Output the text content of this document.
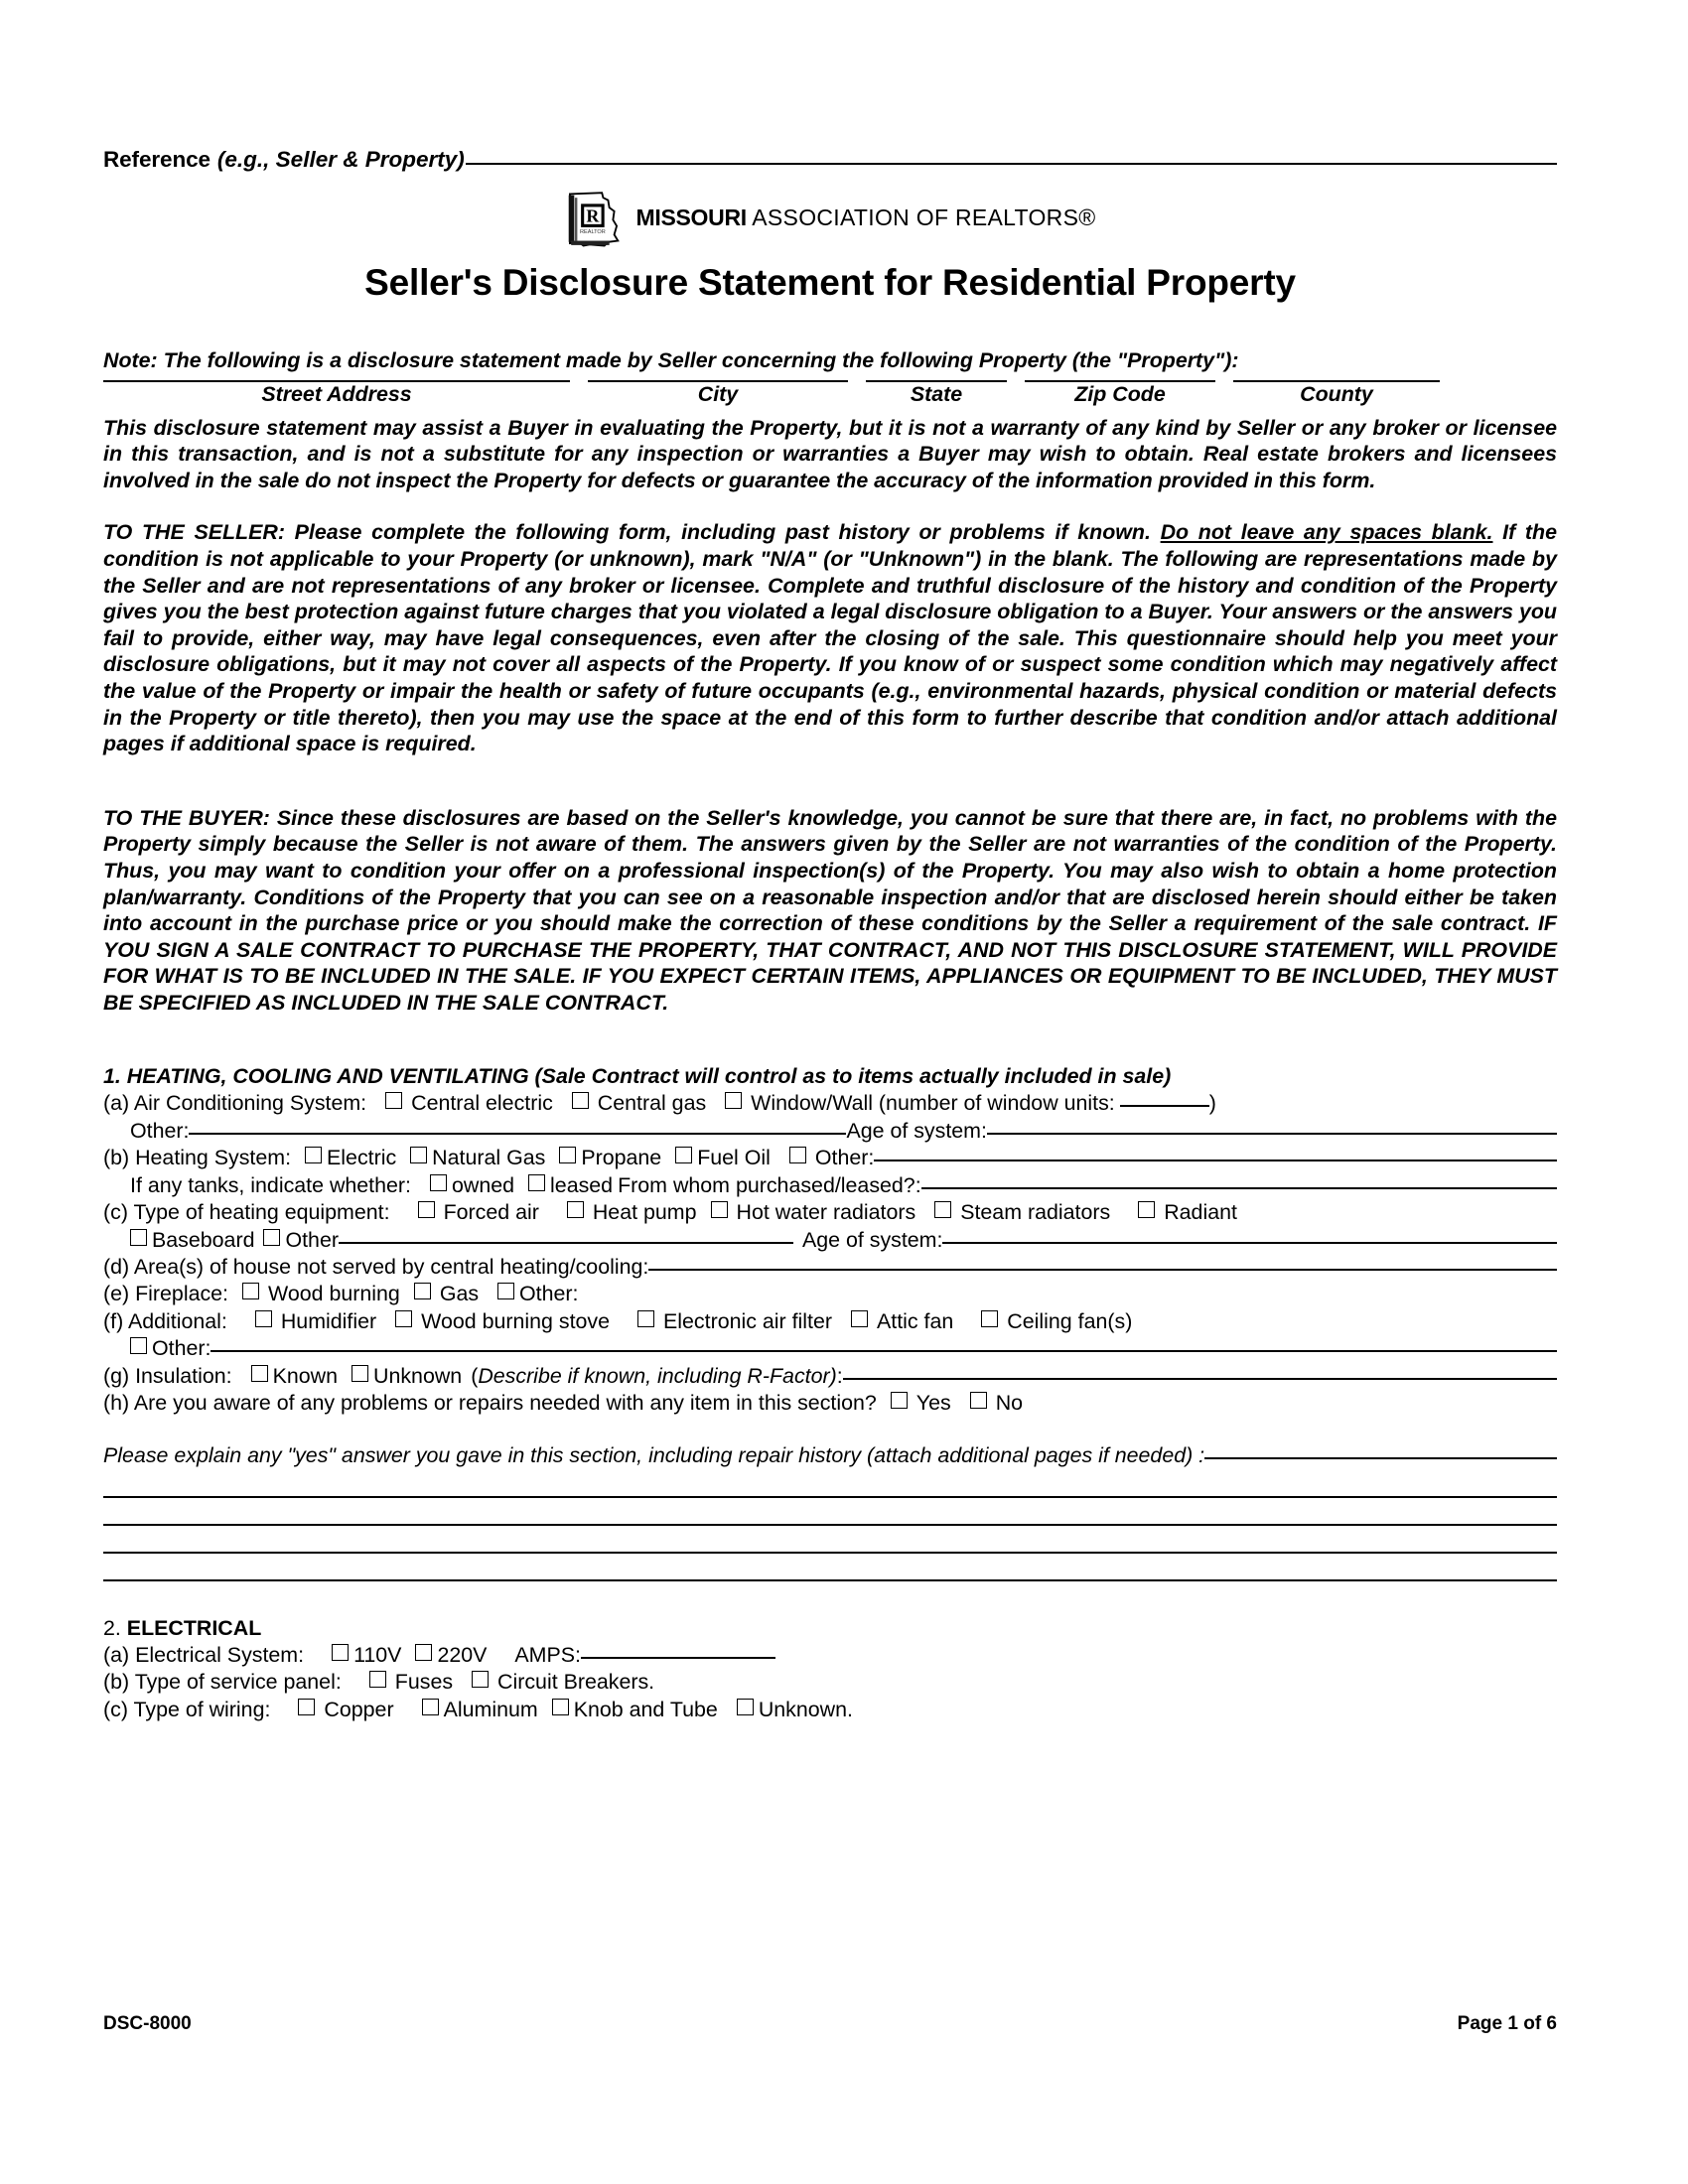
Reference (e.g., Seller & Property)
R
REALTOR
MISSOURI ASSOCIATION OF REALTORS®
Seller's Disclosure Statement for Residential Property
Note: The following is a disclosure statement made by Seller concerning the following Property (the "Property"):
Street Address	City	State	Zip Code	County
This disclosure statement may assist a Buyer in evaluating the Property, but it is not a warranty of any kind by Seller or any broker or licensee in this transaction, and is not a substitute for any inspection or warranties a Buyer may wish to obtain. Real estate brokers and licensees involved in the sale do not inspect the Property for defects or guarantee the accuracy of the information provided in this form.
TO THE SELLER: Please complete the following form, including past history or problems if known. Do not leave any spaces blank. If the condition is not applicable to your Property (or unknown), mark "N/A" (or "Unknown") in the blank. The following are representations made by the Seller and are not representations of any broker or licensee. Complete and truthful disclosure of the history and condition of the Property gives you the best protection against future charges that you violated a legal disclosure obligation to a Buyer. Your answers or the answers you fail to provide, either way, may have legal consequences, even after the closing of the sale. This questionnaire should help you meet your disclosure obligations, but it may not cover all aspects of the Property. If you know of or suspect some condition which may negatively affect the value of the Property or impair the health or safety of future occupants (e.g., environmental hazards, physical condition or material defects in the Property or title thereto), then you may use the space at the end of this form to further describe that condition and/or attach additional pages if additional space is required.
TO THE BUYER: Since these disclosures are based on the Seller's knowledge, you cannot be sure that there are, in fact, no problems with the Property simply because the Seller is not aware of them. The answers given by the Seller are not warranties of the condition of the Property. Thus, you may want to condition your offer on a professional inspection(s) of the Property. You may also wish to obtain a home protection plan/warranty. Conditions of the Property that you can see on a reasonable inspection and/or that are disclosed herein should either be taken into account in the purchase price or you should make the correction of these conditions by the Seller a requirement of the sale contract. IF YOU SIGN A SALE CONTRACT TO PURCHASE THE PROPERTY, THAT CONTRACT, AND NOT THIS DISCLOSURE STATEMENT, WILL PROVIDE FOR WHAT IS TO BE INCLUDED IN THE SALE. IF YOU EXPECT CERTAIN ITEMS, APPLIANCES OR EQUIPMENT TO BE INCLUDED, THEY MUST BE SPECIFIED AS INCLUDED IN THE SALE CONTRACT.
1. HEATING, COOLING AND VENTILATING (Sale Contract will control as to items actually included in sale)
(a) Air Conditioning System: Central electric Central gas Window/Wall (number of window units:	)
Other:	Age of system:
(b) Heating System: Electric Natural Gas Propane Fuel Oil Other:
If any tanks, indicate whether: owned leased From whom purchased/leased?:
(c) Type of heating equipment:	Forced air	Heat pump Hot water radiators Steam radiators	Radiant
Baseboard Other	Age of system:
(d) Area(s) of house not served by central heating/cooling:
(e) Fireplace: Wood burning Gas Other:
(f) Additional:	Humidifier Wood burning stove	Electronic air filter Attic fan	Ceiling fan(s)
Other:
(g) Insulation: Known Unknown ( Describe if known, including R-Factor) :
(h) Are you aware of any problems or repairs needed with any item in this section? Yes No
Please explain any "yes" answer you gave in this section, including repair history (attach additional pages if needed) :
2. ELECTRICAL
(a) Electrical System: 110V 220V AMPS:
(b) Type of service panel:	Fuses Circuit Breakers.
(c) Type of wiring:	Copper Aluminum Knob and Tube Unknown.
DSC-8000	Page 1 of 6
